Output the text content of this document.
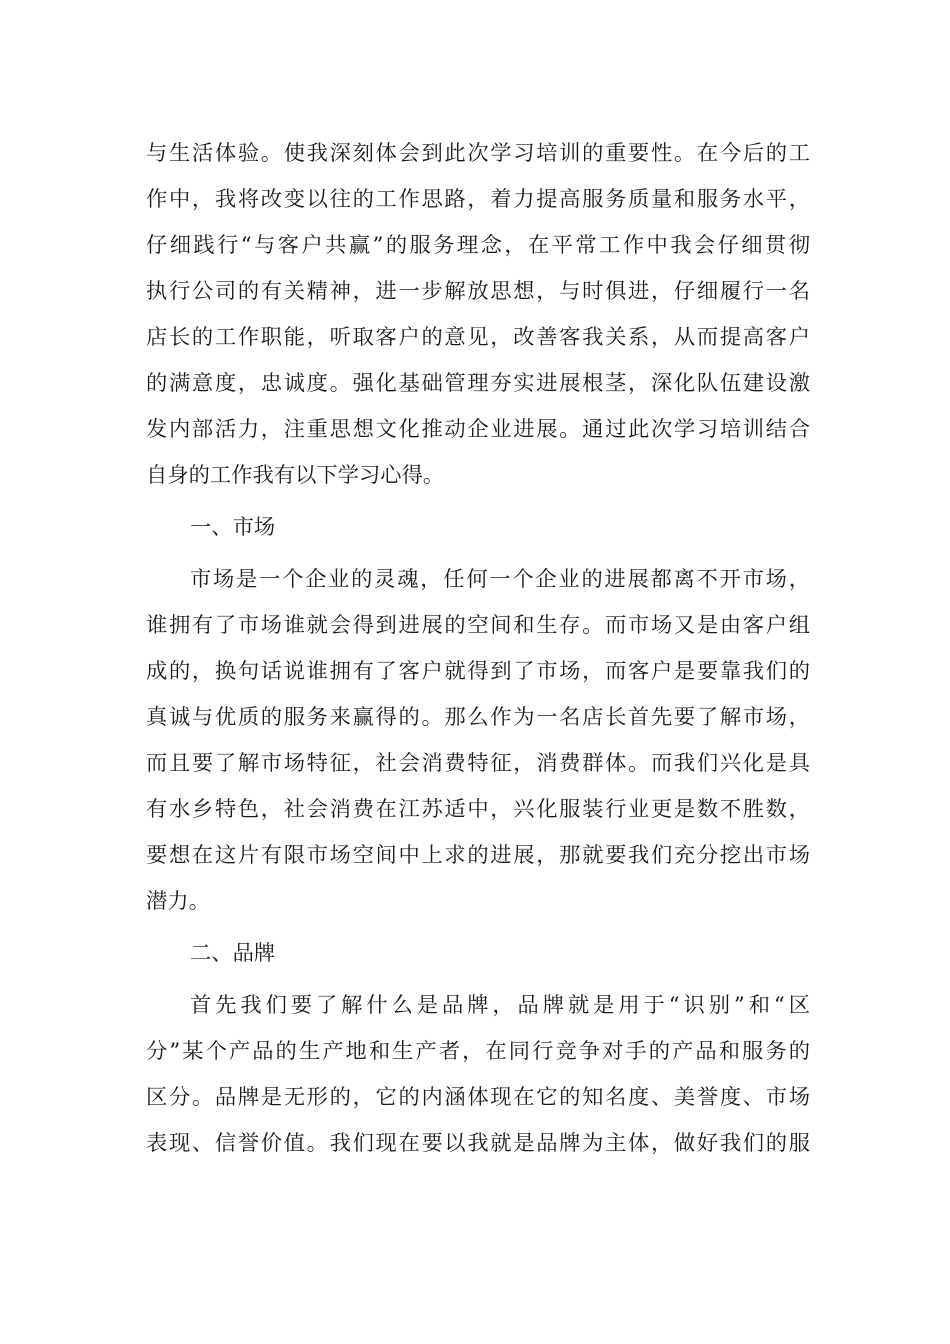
与生活体验。使我深刻体会到此次学习培训的重要性。在今后的工
作中，我将改变以往的工作思路，着力提高服务质量和服务水平，
仔细践行“与客户共赢”的服务理念，在平常工作中我会仔细贯彻
执行公司的有关精神，进一步解放思想，与时俱进，仔细履行一名
店长的工作职能，听取客户的意见，改善客我关系，从而提高客户
的满意度，忠诚度。强化基础管理夯实进展根茎，深化队伍建设激
发内部活力，注重思想文化推动企业进展。通过此次学习培训结合
自身的工作我有以下学习心得。
一、市场
市场是一个企业的灵魂，任何一个企业的进展都离不开市场，
谁拥有了市场谁就会得到进展的空间和生存。而市场又是由客户组
成的，换句话说谁拥有了客户就得到了市场，而客户是要靠我们的
真诚与优质的服务来赢得的。那么作为一名店长首先要了解市场，
而且要了解市场特征，社会消费特征，消费群体。而我们兴化是具
有水乡特色，社会消费在江苏适中，兴化服装行业更是数不胜数，
要想在这片有限市场空间中上求的进展，那就要我们充分挖出市场
潜力。
二、品牌
首先我们要了解什么是品牌，品牌就是用于“识别”和“区
分”某个产品的生产地和生产者，在同行竞争对手的产品和服务的
区分。品牌是无形的，它的内涵体现在它的知名度、美誉度、市场
表现、信誉价值。我们现在要以我就是品牌为主体，做好我们的服
